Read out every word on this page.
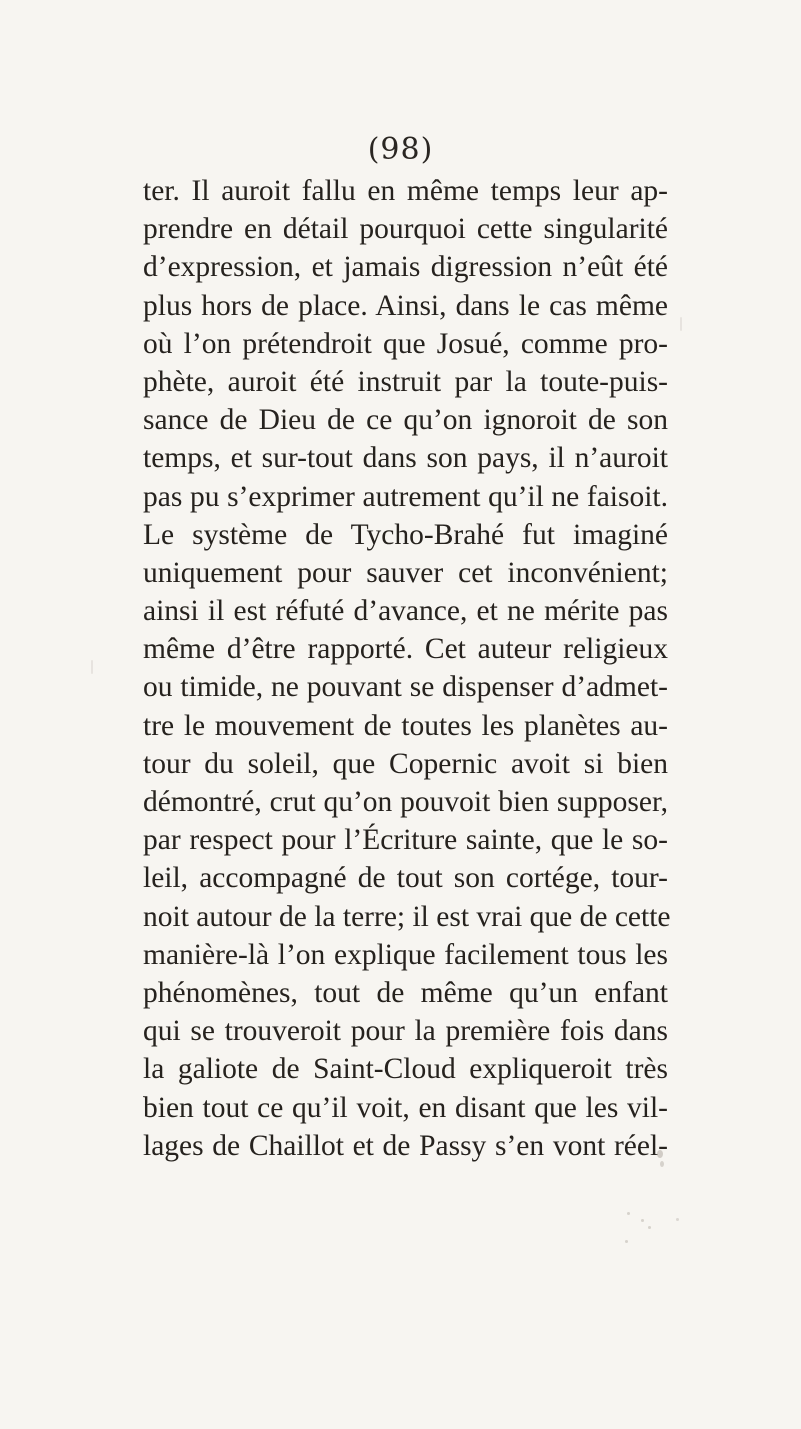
(98)
ter. Il auroit fallu en même temps leur ap-
prendre en détail pourquoi cette singularité
d’expression, et jamais digression n’eût été
plus hors de place. Ainsi, dans le cas même
où l’on prétendroit que Josué, comme pro-
phète, auroit été instruit par la toute-puis-
sance de Dieu de ce qu’on ignoroit de son
temps, et sur-tout dans son pays, il n’auroit
pas pu s’exprimer autrement qu’il ne faisoit.
Le système de Tycho-Brahé fut imaginé
uniquement pour sauver cet inconvénient;
ainsi il est réfuté d’avance, et ne mérite pas
même d’être rapporté. Cet auteur religieux
ou timide, ne pouvant se dispenser d’admet-
tre le mouvement de toutes les planètes au-
tour du soleil, que Copernic avoit si bien
démontré, crut qu’on pouvoit bien supposer,
par respect pour l’Écriture sainte, que le so-
leil, accompagné de tout son cortége, tour-
noit autour de la terre; il est vrai que de cette
manière-là l’on explique facilement tous les
phénomènes, tout de même qu’un enfant
qui se trouveroit pour la première fois dans
la galiote de Saint-Cloud expliqueroit très
bien tout ce qu’il voit, en disant que les vil-
lages de Chaillot et de Passy s’en vont réel-
